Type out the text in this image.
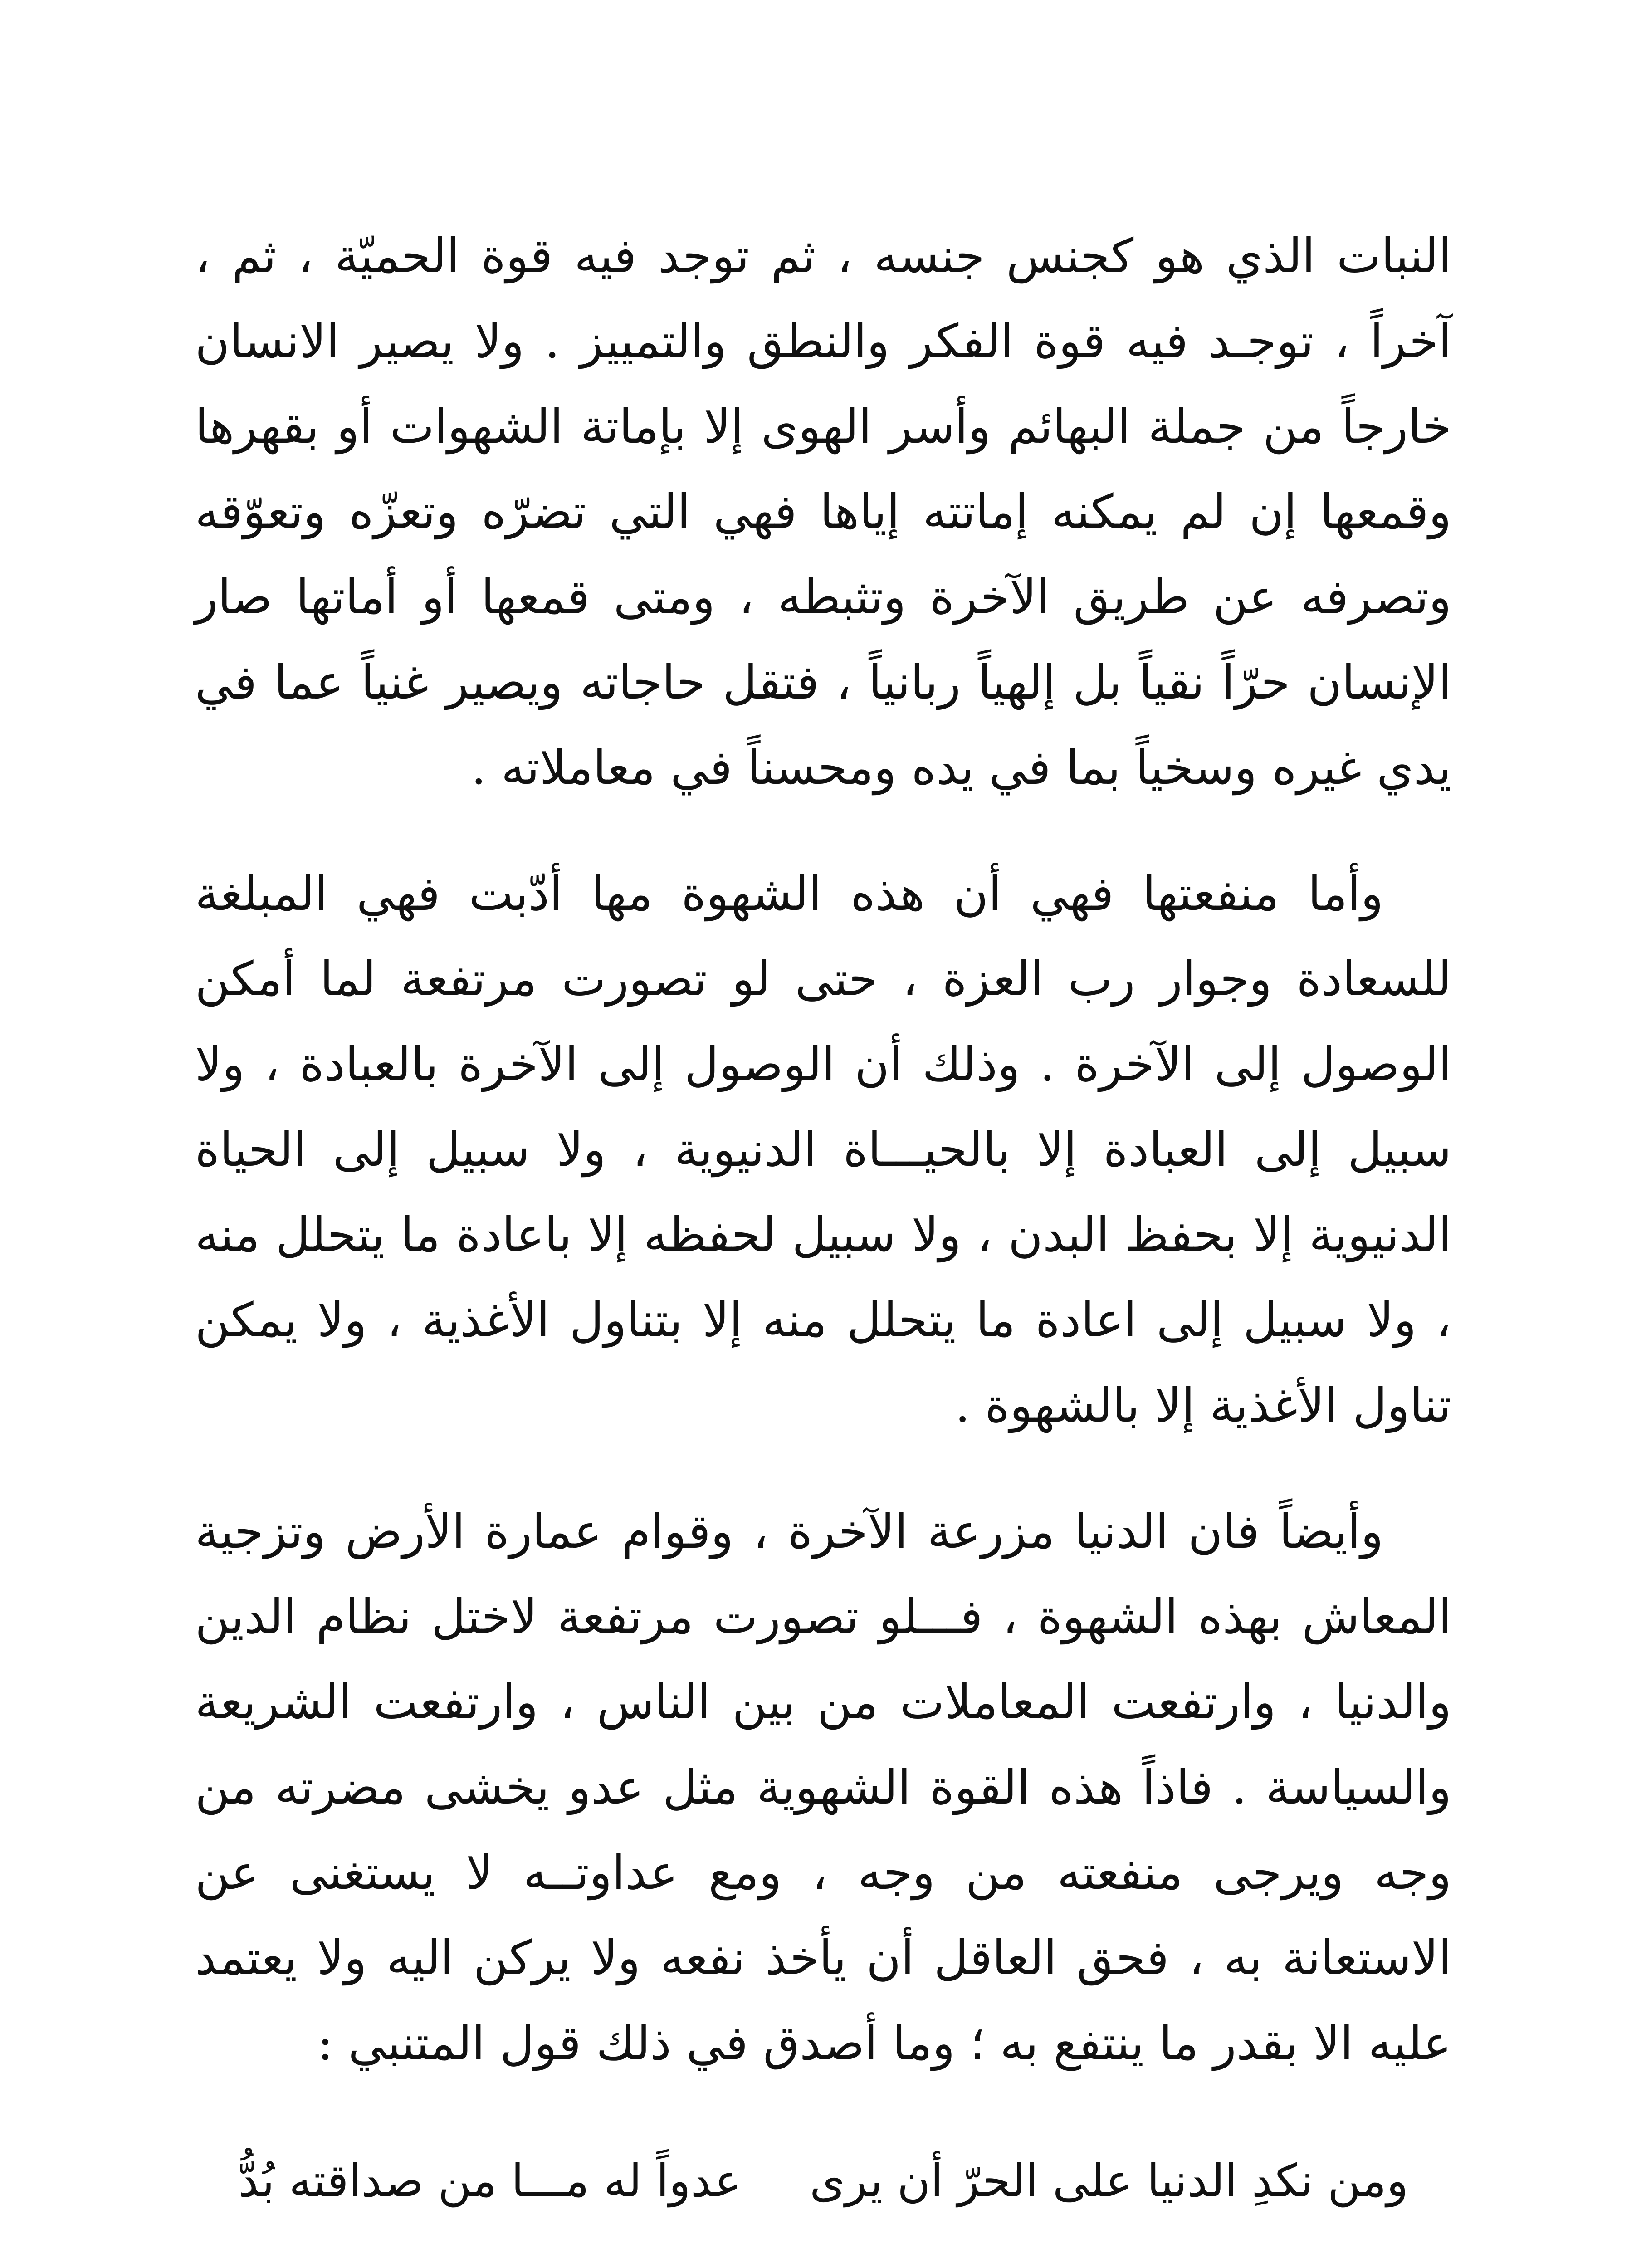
النبات الذي هو كجنس جنسه ، ثم توجد فيه قوة الحميّة ، ثم ، آخراً ، توجـد فيه قوة الفكر والنطق والتمييز . ولا يصير الانسان خارجاً من جملة البهائم وأسر الهوى إلا بإماتة الشهوات أو بقهرها وقمعها إن لم يمكنه إماتته إياها فهي التي تضرّه وتعزّه وتعوّقه وتصرفه عن طريق الآخرة وتثبطه ، ومتى قمعها أو أماتها صار الإنسان حرّاً نقياً بل إلهياً ربانياً ، فتقل حاجاته ويصير غنياً عما في يدي غيره وسخياً بما في يده ومحسناً في معاملاته .

وأما منفعتها فهي أن هذه الشهوة مها أدّبت فهي المبلغة للسعادة وجوار رب العزة ، حتى لو تصورت مرتفعة لما أمكن الوصول إلى الآخرة . وذلك أن الوصول إلى الآخرة بالعبادة ، ولا سبيل إلى العبادة إلا بالحيـــاة الدنيوية ، ولا سبيل إلى الحياة الدنيوية إلا بحفظ البدن ، ولا سبيل لحفظه إلا باعادة ما يتحلل منه ، ولا سبيل إلى اعادة ما يتحلل منه إلا بتناول الأغذية ، ولا يمكن تناول الأغذية إلا بالشهوة .

وأيضاً فان الدنيا مزرعة الآخرة ، وقوام عمارة الأرض وتزجية المعاش بهذه الشهوة ، فـــلو تصورت مرتفعة لاختل نظام الدين والدنيا ، وارتفعت المعاملات من بين الناس ، وارتفعت الشريعة والسياسة . فاذاً هذه القوة الشهوية مثل عدو يخشى مضرته من وجه ويرجى منفعته من وجه ، ومع عداوتــه لا يستغنى عن الاستعانة به ، فحق العاقل أن يأخذ نفعه ولا يركن اليه ولا يعتمد عليه الا بقدر ما ينتفع به ؛ وما أصدق في ذلك قول المتنبي :

ومن نكدِ الدنيا على الحرّ أن يرى
عدواً له مـــا من صداقته بُدُّ
